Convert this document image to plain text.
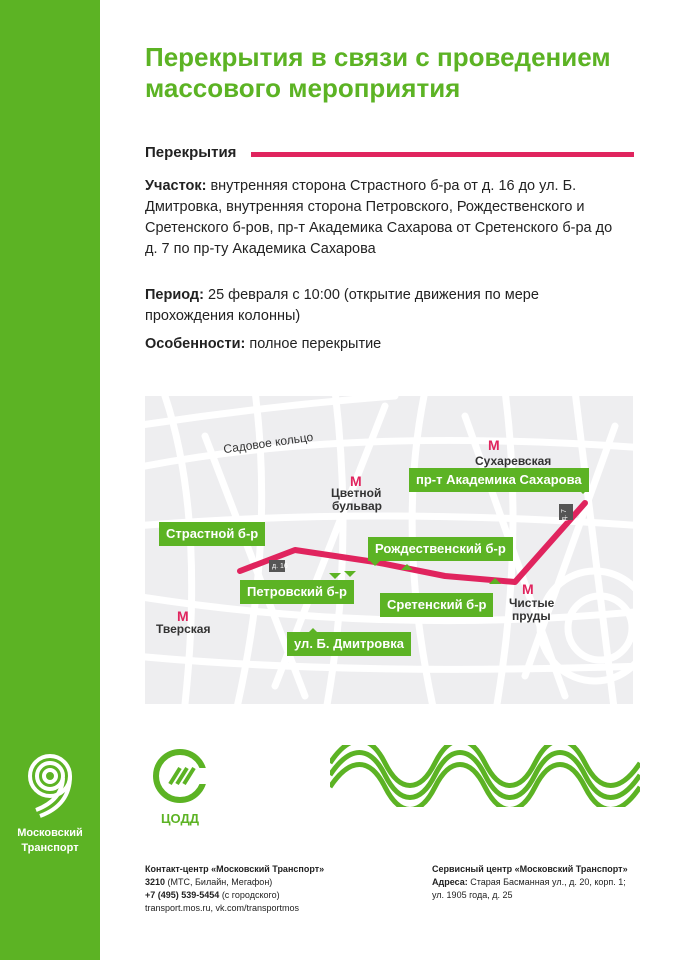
Московский
Транспорт
Перекрытия в связи с проведением массового мероприятия
Перекрытия
Участок: внутренняя сторона Страстного б-ра от д. 16 до ул. Б. Дмитровка, внутренняя сторона Петровского, Рождественского и Сретенского б-ров, пр-т Академика Сахарова от Сретенского б-ра до д. 7 по пр-ту Академика Сахарова
Период: 25 февраля с 10:00 (открытие движения по мере прохождения колонны)
Особенности: полное перекрытие
Садовое кольцо	M
Сухаревская
M
Цветной
бульвар
M
Тверская
M
Чистые
пруды
д. 16
д. 7
пр-т Академика Сахарова
Страстной б-р
Рождественский б-р
Петровский б-р
Сретенский б-р
ул. Б. Дмитровка
ЦОДД
Контакт-центр «Московский Транспорт»
3210 (МТС, Билайн, Мегафон)
+7 (495) 539-5454 (с городского)
transport.mos.ru, vk.com/transportmos
Сервисный центр «Московский Транспорт»
Адреса: Старая Басманная ул., д. 20, корп. 1;
ул. 1905 года, д. 25
